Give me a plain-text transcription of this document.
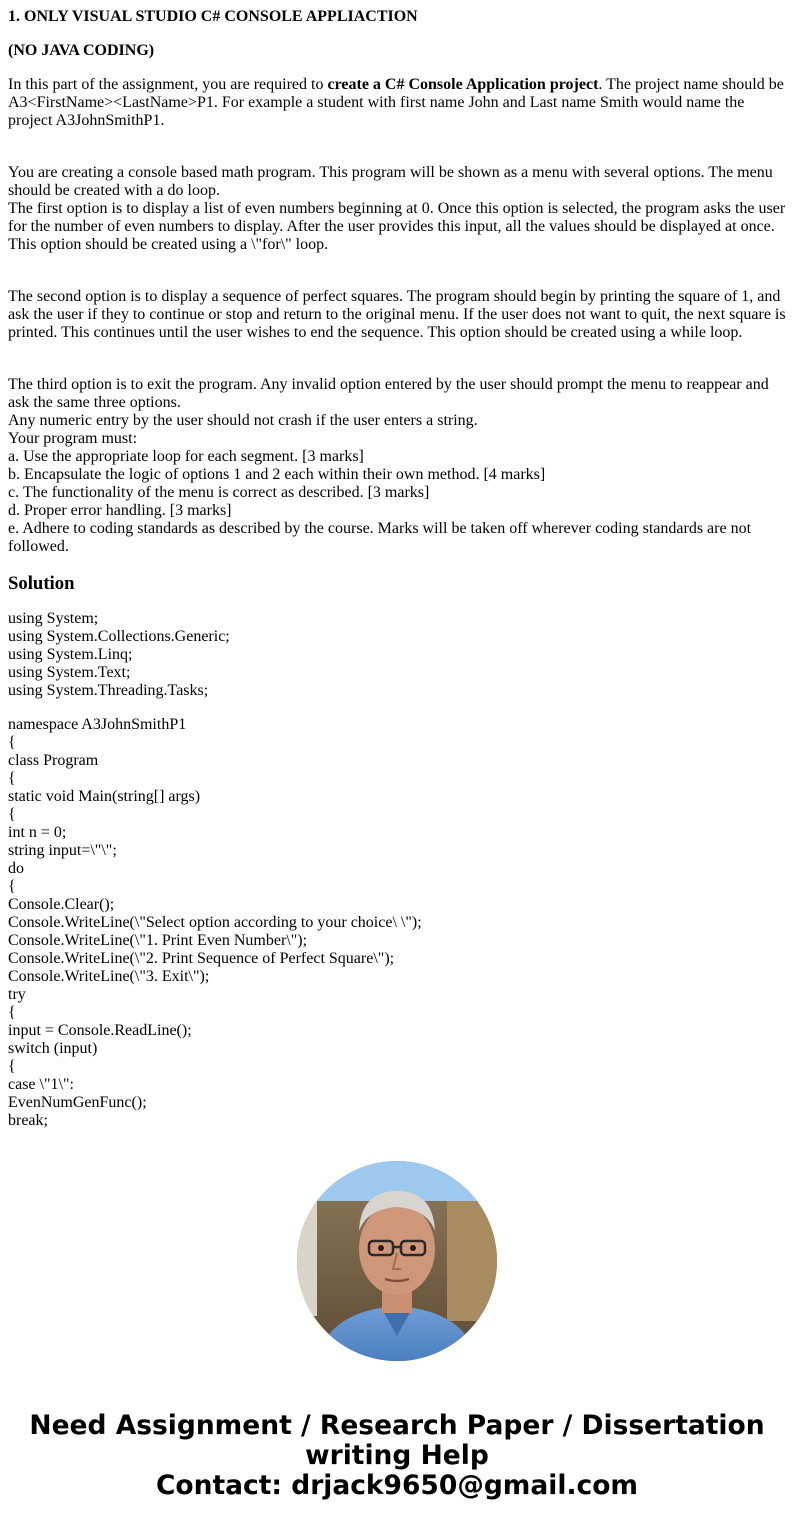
1. ONLY VISUAL STUDIO C# CONSOLE APPLIACTION
(NO JAVA CODING)

In this part of the assignment, you are required to create a C# Console Application project. The project name should be A3<FirstName><LastName>P1. For example a student with first name John and Last name Smith would name the project A3JohnSmithP1.

You are creating a console based math program. This program will be shown as a menu with several options. The menu should be created with a do loop.
The first option is to display a list of even numbers beginning at 0. Once this option is selected, the program asks the user for the number of even numbers to display. After the user provides this input, all the values should be displayed at once. This option should be created using a \"for\" loop.
The second option is to display a sequence of perfect squares. The program should begin by printing the square of 1, and ask the user if they to continue or stop and return to the original menu. If the user does not want to quit, the next square is printed. This continues until the user wishes to end the sequence. This option should be created using a while loop.
The third option is to exit the program. Any invalid option entered by the user should prompt the menu to reappear and ask the same three options.
Any numeric entry by the user should not crash if the user enters a string.
Your program must:
a. Use the appropriate loop for each segment. [3 marks]
b. Encapsulate the logic of options 1 and 2 each within their own method. [4 marks]
c. The functionality of the menu is correct as described. [3 marks]
d. Proper error handling. [3 marks]
e. Adhere to coding standards as described by the course. Marks will be taken off wherever coding standards are not followed.
Solution
using System;
using System.Collections.Generic;
using System.Linq;
using System.Text;
using System.Threading.Tasks;
namespace A3JohnSmithP1
{
class Program
{
static void Main(string[] args)
{
int n = 0;
string input=\"\";
do
{
Console.Clear();
Console.WriteLine(\"Select option according to your choice\ \");
Console.WriteLine(\"1. Print Even Number\");
Console.WriteLine(\"2. Print Sequence of Perfect Square\");
Console.WriteLine(\"3. Exit\");
try
{
input = Console.ReadLine();
switch (input)
{
case \"1\":
EvenNumGenFunc();
break;
Need Assignment / Research Paper / Dissertation
writing Help
Contact: drjack9650@gmail.com
